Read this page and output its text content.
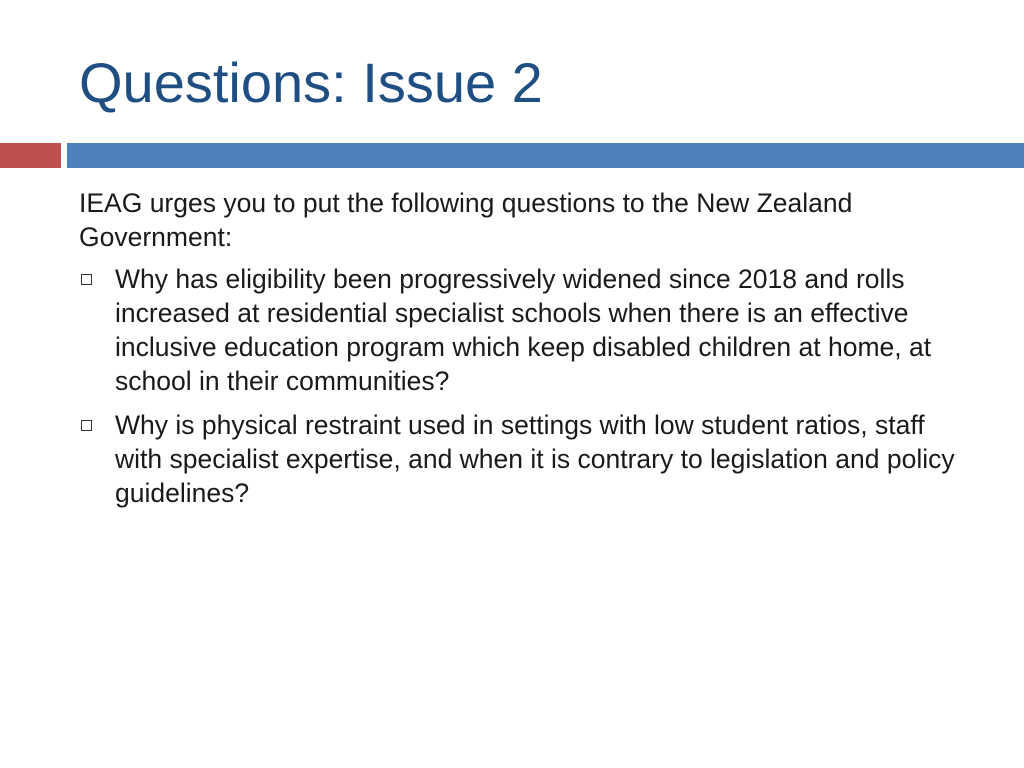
Questions: Issue 2

IEAG urges you to put the following questions to the New Zealand Government:

Why has eligibility been progressively widened since 2018 and rolls increased at residential specialist schools when there is an effective inclusive education program which keep disabled children at home, at school in their communities?
Why is physical restraint used in settings with low student ratios, staff with specialist expertise, and when it is contrary to legislation and policy guidelines?
